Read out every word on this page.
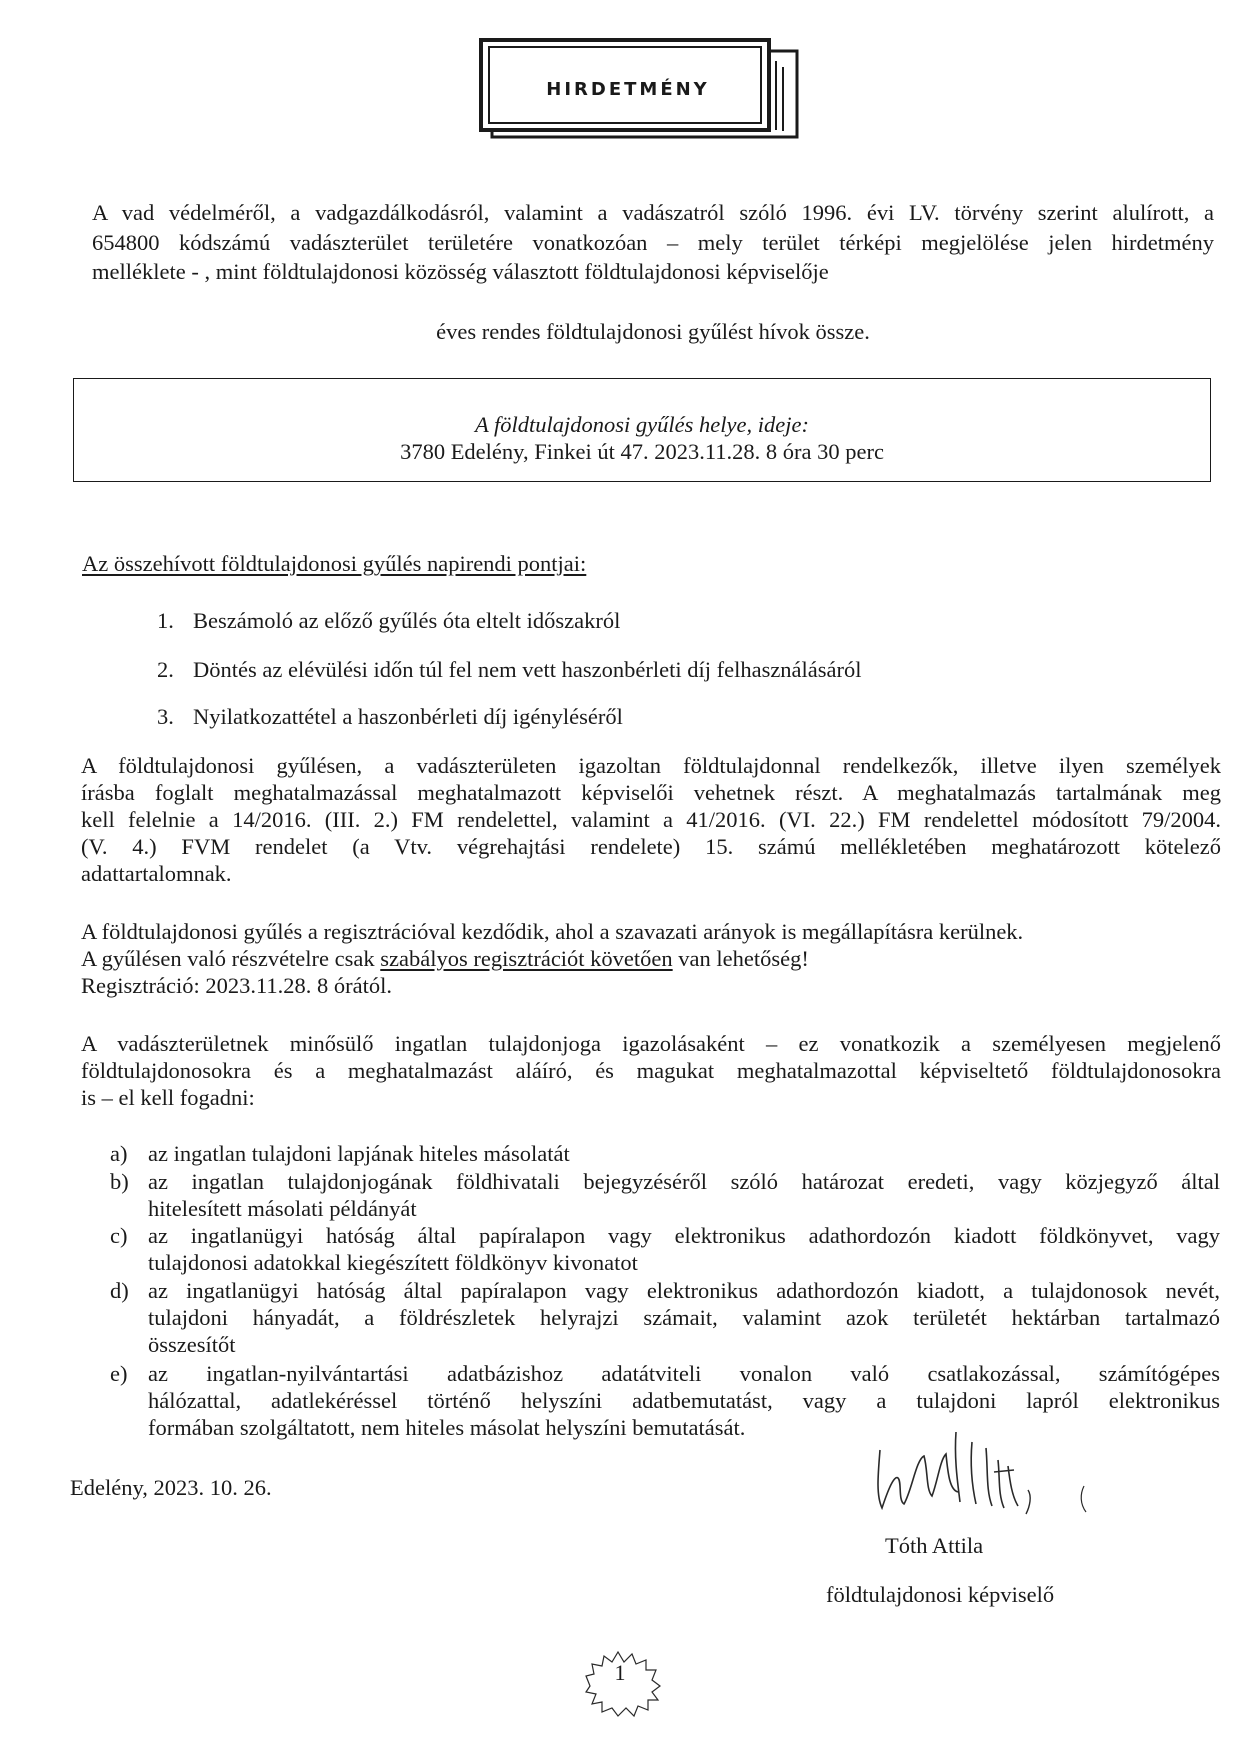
HIRDETMÉNY
A vad védelméről, a vadgazdálkodásról, valamint a vadászatról szóló 1996. évi LV. törvény szerint alulírott, a
654800 kódszámú vadászterület területére vonatkozóan – mely terület térképi megjelölése jelen hirdetmény
melléklete - , mint földtulajdonosi közösség választott földtulajdonosi képviselője
éves rendes földtulajdonosi gyűlést hívok össze.
A földtulajdonosi gyűlés helye, ideje:
3780 Edelény, Finkei út 47. 2023.11.28. 8 óra 30 perc
Az összehívott földtulajdonosi gyűlés napirendi pontjai:
1. Beszámoló az előző gyűlés óta eltelt időszakról
2. Döntés az elévülési időn túl fel nem vett haszonbérleti díj felhasználásáról
3. Nyilatkozattétel a haszonbérleti díj igényléséről
A földtulajdonosi gyűlésen, a vadászterületen igazoltan földtulajdonnal rendelkezők, illetve ilyen személyek
írásba foglalt meghatalmazással meghatalmazott képviselői vehetnek részt. A meghatalmazás tartalmának meg
kell felelnie a 14/2016. (III. 2.) FM rendelettel, valamint a 41/2016. (VI. 22.) FM rendelettel módosított 79/2004.
(V. 4.) FVM rendelet (a Vtv. végrehajtási rendelete) 15. számú mellékletében meghatározott kötelező
adattartalomnak.
A földtulajdonosi gyűlés a regisztrációval kezdődik, ahol a szavazati arányok is megállapításra kerülnek.
A gyűlésen való részvételre csak szabályos regisztrációt követően van lehetőség!
Regisztráció: 2023.11.28. 8 órától.
A vadászterületnek minősülő ingatlan tulajdonjoga igazolásaként – ez vonatkozik a személyesen megjelenő
földtulajdonosokra és a meghatalmazást aláíró, és magukat meghatalmazottal képviseltető földtulajdonosokra
is – el kell fogadni:
a) az ingatlan tulajdoni lapjának hiteles másolatát
b) az ingatlan tulajdonjogának földhivatali bejegyzéséről szóló határozat eredeti, vagy közjegyző által
hitelesített másolati példányát
c) az ingatlanügyi hatóság által papíralapon vagy elektronikus adathordozón kiadott földkönyvet, vagy
tulajdonosi adatokkal kiegészített földkönyv kivonatot
d) az ingatlanügyi hatóság által papíralapon vagy elektronikus adathordozón kiadott, a tulajdonosok nevét,
tulajdoni hányadát, a földrészletek helyrajzi számait, valamint azok területét hektárban tartalmazó
összesítőt
e) az ingatlan-nyilvántartási adatbázishoz adatátviteli vonalon való csatlakozással, számítógépes
hálózattal, adatlekéréssel történő helyszíni adatbemutatást, vagy a tulajdoni lapról elektronikus
formában szolgáltatott, nem hiteles másolat helyszíni bemutatását.
Edelény, 2023. 10. 26.
Tóth Attila
földtulajdonosi képviselő
1
